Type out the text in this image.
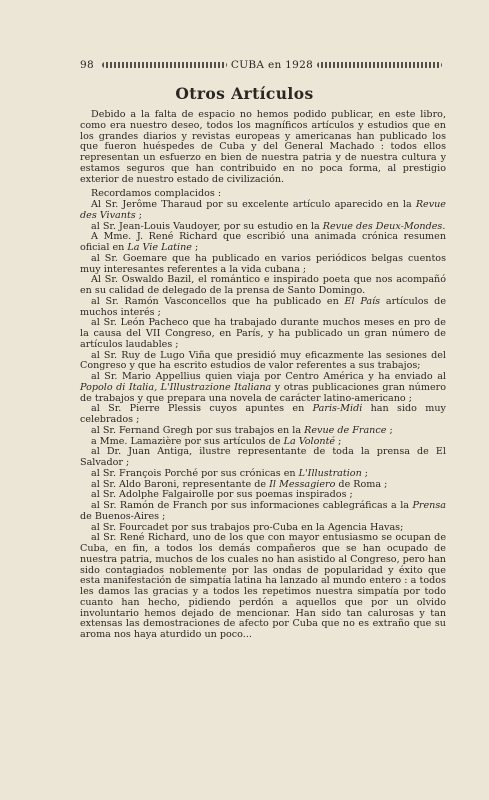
98	CUBA en 1928
Otros Artículos

Debido a la falta de espacio no hemos podido publicar, en este libro, como era nuestro deseo, todos los magníficos artículos y estudios que en los grandes diarios y revistas europeas y americanas han publicado los que fueron huéspedes de Cuba y del General Machado : todos ellos representan un esfuerzo en bien de nuestra patria y de nuestra cultura y estamos seguros que han contribuido en no poca forma, al prestigio exterior de nuestro estado de civilización.

Recordamos complacidos :

Al Sr. Jerôme Tharaud por su excelente artículo aparecido en la Revue des Vivants ;

al Sr. Jean-Louis Vaudoyer, por su estudio en la Revue des Deux-Mondes.

A Mme. J. René Richard que escribió una animada crónica resumen oficial en La Vie Latine ;

al Sr. Goemare que ha publicado en varios periódicos belgas cuentos muy interesantes referentes a la vida cubana ;

Al Sr. Oswaldo Bazil, el romántico e inspirado poeta que nos acompañó en su calidad de delegado de la prensa de Santo Domingo.

al Sr. Ramón Vasconcellos que ha publicado en El País artículos de muchos interés ;

al Sr. León Pacheco que ha trabajado durante muchos meses en pro de la causa del VII Congreso, en París, y ha publicado un gran número de artículos laudables ;

al Sr. Ruy de Lugo Viña que presidió muy eficazmente las sesiones del Congreso y que ha escrito estudios de valor referentes a sus trabajos;

al Sr. Mario Appellius quien viaja por Centro América y ha enviado al Popolo di Italia, L'Illustrazione Italiana y otras publicaciones gran número de trabajos y que prepara una novela de carácter latino-americano ;

al Sr. Pierre Plessis cuyos apuntes en Paris-Midi han sido muy celebrados ;

al Sr. Fernand Gregh por sus trabajos en la Revue de France ;

a Mme. Lamazière por sus artículos de La Volonté ;

al Dr. Juan Antiga, ilustre representante de toda la prensa de El Salvador ;

al Sr. François Porché por sus crónicas en L'Illustration ;

al Sr. Aldo Baroni, representante de Il Messagiero de Roma ;

al Sr. Adolphe Falgairolle por sus poemas inspirados ;

al Sr. Ramón de Franch por sus informaciones cablegráficas a la Prensa de Buenos-Aires ;

al Sr. Fourcadet por sus trabajos pro-Cuba en la Agencia Havas;

al Sr. René Richard, uno de los que con mayor entusiasmo se ocupan de Cuba, en fin, a todos los demás compañeros que se han ocupado de nuestra patria, muchos de los cuales no han asistido al Congreso, pero han sido contagiados noblemente por las ondas de popularidad y éxito que esta manifestación de simpatía latina ha lanzado al mundo entero : a todos les damos las gracias y a todos les repetimos nuestra simpatía por todo cuanto han hecho, pidiendo perdón a aquellos que por un olvido involuntario hemos dejado de mencionar. Han sido tan calurosas y tan extensas las demostraciones de afecto por Cuba que no es extraño que su aroma nos haya aturdido un poco...
